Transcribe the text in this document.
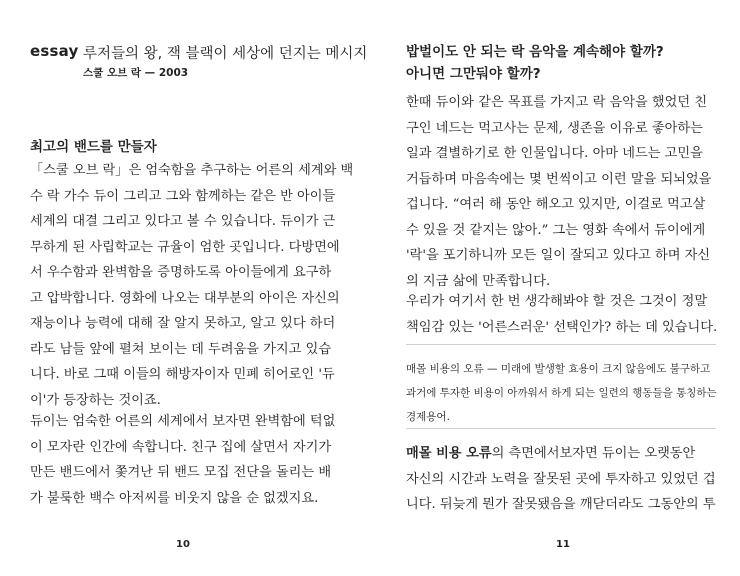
essay 루저들의 왕, 잭 블랙이 세상에 던지는 메시지
스쿨 오브 락 — 2003
최고의 밴드를 만들자
「스쿨 오브 락」은 엄숙함을 추구하는 어른의 세계와 백
수 락 가수 듀이 그리고 그와 함께하는 같은 반 아이들
세계의 대결 그리고 있다고 볼 수 있습니다. 듀이가 근
무하게 된 사립학교는 규율이 엄한 곳입니다. 다방면에
서 우수함과 완벽함을 증명하도록 아이들에게 요구하
고 압박합니다. 영화에 나오는 대부분의 아이은 자신의
재능이나 능력에 대해 잘 알지 못하고, 알고 있다 하더
라도 남들 앞에 펼쳐 보이는 데 두려움을 가지고 있습
니다. 바로 그때 이들의 해방자이자 민폐 히어로인 '듀
이'가 등장하는 것이죠.
듀이는 엄숙한 어른의 세계에서 보자면 완벽함에 턱없
이 모자란 인간에 속합니다. 친구 집에 살면서 자기가
만든 밴드에서 쫓겨난 뒤 밴드 모집 전단을 돌리는 배
가 불룩한 백수 아저씨를 비웃지 않을 순 없겠지요.
10
밥벌이도 안 되는 락 음악을 계속해야 할까?
아니면 그만둬야 할까?
한때 듀이와 같은 목표를 가지고 락 음악을 했었던 친
구인 네드는 먹고사는 문제, 생존을 이유로 좋아하는
일과 결별하기로 한 인물입니다. 아마 네드는 고민을
거듭하며 마음속에는 몇 번씩이고 이런 말을 되뇌었을
겁니다. “여러 해 동안 해오고 있지만, 이걸로 먹고살
수 있을 것 같지는 않아.” 그는 영화 속에서 듀이에게
'락'을 포기하니까 모든 일이 잘되고 있다고 하며 자신
의 지금 삶에 만족합니다.
우리가 여기서 한 번 생각해봐야 할 것은 그것이 정말
책임감 있는 '어른스러운' 선택인가? 하는 데 있습니다.
매몰 비용의 오류 — 미래에 발생할 효용이 크지 않음에도 불구하고
과거에 투자한 비용이 아까워서 하게 되는 일련의 행동들을 통칭하는
경제용어.
매몰 비용 오류의 측면에서보자면 듀이는 오랫동안
자신의 시간과 노력을 잘못된 곳에 투자하고 있었던 겁
니다. 뒤늦게 뭔가 잘못됐음을 깨닫더라도 그동안의 투
11
